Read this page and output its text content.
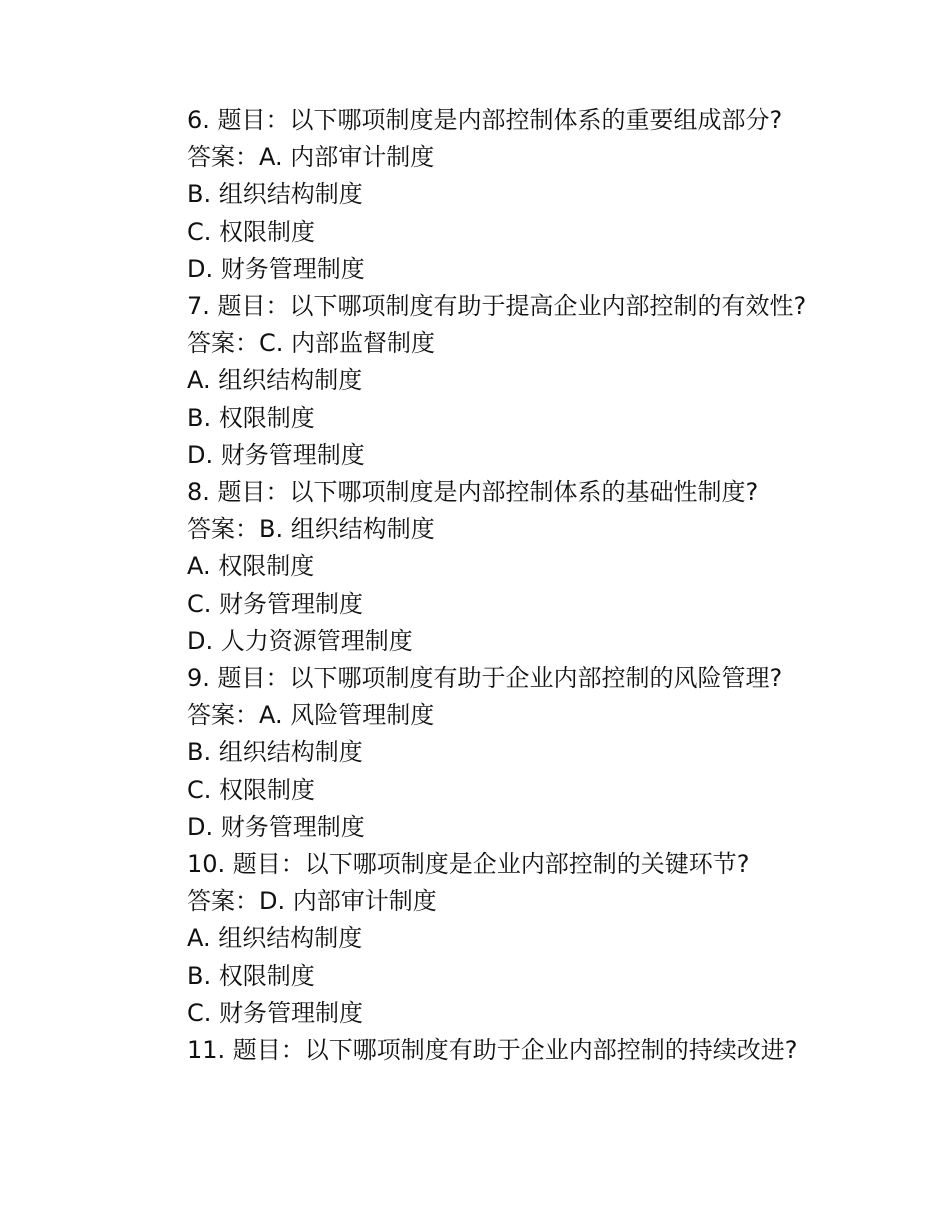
6. 题目：以下哪项制度是内部控制体系的重要组成部分?

答案：A. 内部审计制度

B. 组织结构制度

C. 权限制度

D. 财务管理制度

7. 题目：以下哪项制度有助于提高企业内部控制的有效性?

答案：C. 内部监督制度

A. 组织结构制度

B. 权限制度

D. 财务管理制度

8. 题目：以下哪项制度是内部控制体系的基础性制度?

答案：B. 组织结构制度

A. 权限制度

C. 财务管理制度

D. 人力资源管理制度

9. 题目：以下哪项制度有助于企业内部控制的风险管理?

答案：A. 风险管理制度

B. 组织结构制度

C. 权限制度

D. 财务管理制度

10. 题目：以下哪项制度是企业内部控制的关键环节?

答案：D. 内部审计制度

A. 组织结构制度

B. 权限制度

C. 财务管理制度

11. 题目：以下哪项制度有助于企业内部控制的持续改进?
